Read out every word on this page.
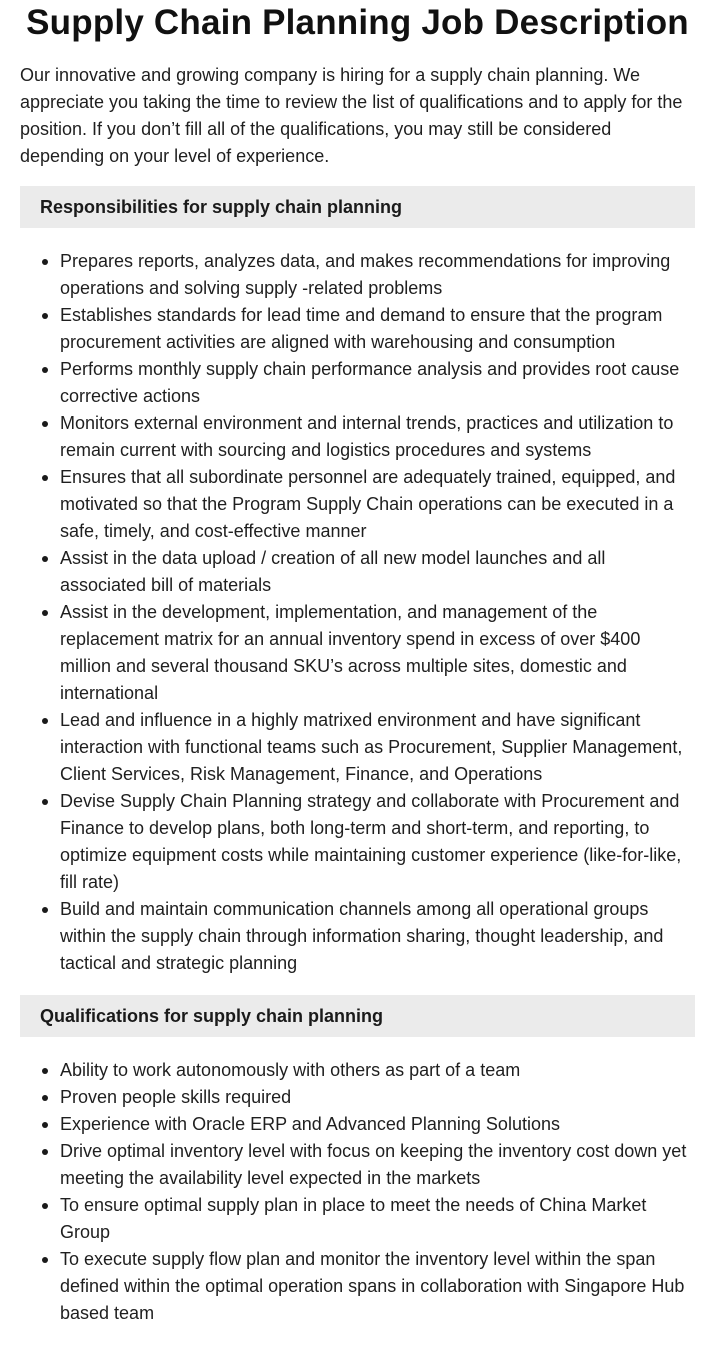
Supply Chain Planning Job Description

Our innovative and growing company is hiring for a supply chain planning. We appreciate you taking the time to review the list of qualifications and to apply for the position. If you don’t fill all of the qualifications, you may still be considered depending on your level of experience.

Responsibilities for supply chain planning
Prepares reports, analyzes data, and makes recommendations for improving operations and solving supply -related problems
Establishes standards for lead time and demand to ensure that the program procurement activities are aligned with warehousing and consumption
Performs monthly supply chain performance analysis and provides root cause corrective actions
Monitors external environment and internal trends, practices and utilization to remain current with sourcing and logistics procedures and systems
Ensures that all subordinate personnel are adequately trained, equipped, and motivated so that the Program Supply Chain operations can be executed in a safe, timely, and cost-effective manner
Assist in the data upload / creation of all new model launches and all associated bill of materials
Assist in the development, implementation, and management of the replacement matrix for an annual inventory spend in excess of over $400 million and several thousand SKU’s across multiple sites, domestic and international
Lead and influence in a highly matrixed environment and have significant interaction with functional teams such as Procurement, Supplier Management, Client Services, Risk Management, Finance, and Operations
Devise Supply Chain Planning strategy and collaborate with Procurement and Finance to develop plans, both long-term and short-term, and reporting, to optimize equipment costs while maintaining customer experience (like-for-like, fill rate)
Build and maintain communication channels among all operational groups within the supply chain through information sharing, thought leadership, and tactical and strategic planning
Qualifications for supply chain planning
Ability to work autonomously with others as part of a team
Proven people skills required
Experience with Oracle ERP and Advanced Planning Solutions
Drive optimal inventory level with focus on keeping the inventory cost down yet meeting the availability level expected in the markets
To ensure optimal supply plan in place to meet the needs of China Market Group
To execute supply flow plan and monitor the inventory level within the span defined within the optimal operation spans in collaboration with Singapore Hub based team
